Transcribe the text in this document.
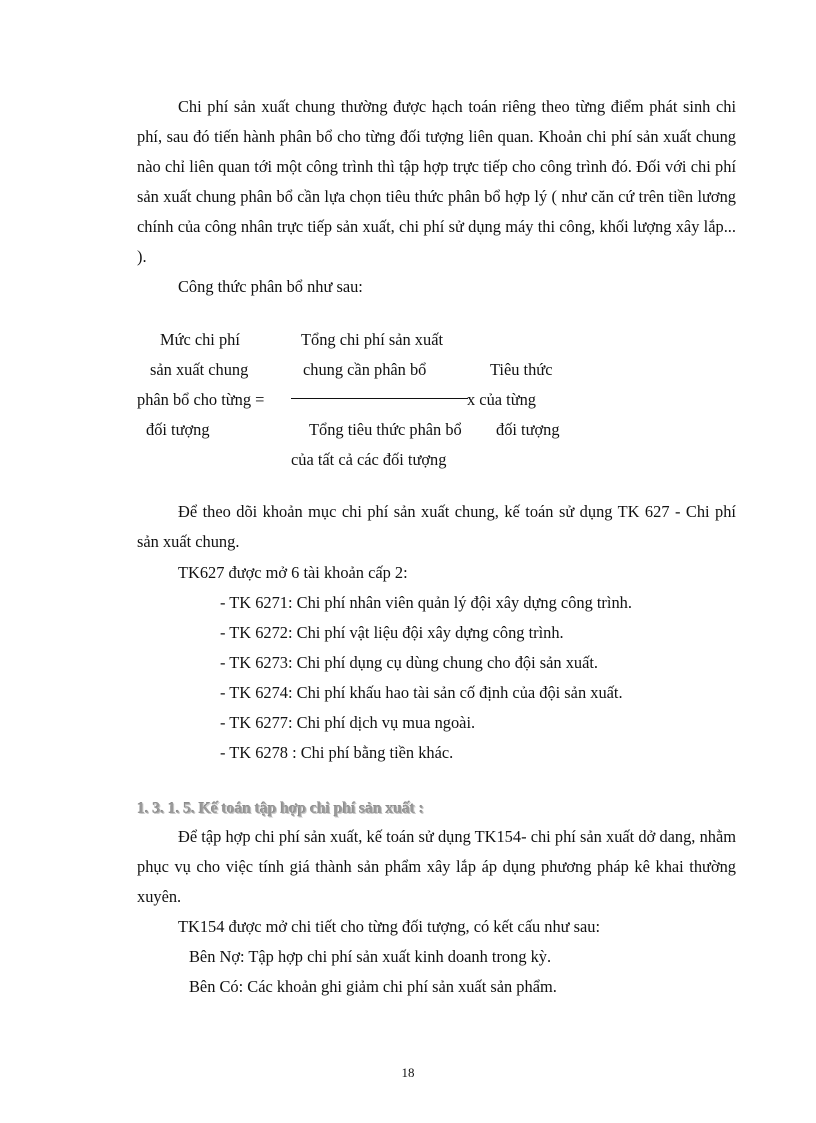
Chi phí sản xuất chung thường được hạch toán riêng theo từng điểm phát sinh chi phí, sau đó tiến hành phân bổ cho từng đối tượng liên quan. Khoản chi phí sản xuất chung nào chỉ liên quan tới một công trình thì tập hợp trực tiếp cho công trình đó. Đối với chi phí sản xuất chung phân bổ cần lựa chọn tiêu thức phân bổ hợp lý ( như căn cứ trên tiền lương chính của công nhân trực tiếp sản xuất, chi phí sử dụng máy thi công, khối lượng xây lắp... ).

Công thức phân bổ như sau:

Mức chi phí

sản xuất chung

phân bổ cho từng =

đối tượng

Tổng chi phí sản xuất

chung cần phân bổ

x của từng

Tổng tiêu thức phân bổ

của tất cả các đối tượng

Tiêu thức

đối tượng

Để theo dõi khoản mục chi phí sản xuất chung, kế toán sử dụng TK 627 - Chi phí sản xuất chung.

TK627 được mở 6 tài khoản cấp 2:

- TK 6271: Chi phí nhân viên quản lý đội xây dựng công trình.

- TK 6272: Chi phí vật liệu đội xây dựng công trình.

- TK 6273: Chi phí dụng cụ dùng chung cho đội sản xuất.

- TK 6274: Chi phí khấu hao tài sản cố định của đội sản xuất.

- TK 6277: Chi phí dịch vụ mua ngoài.

- TK 6278 : Chi phí bằng tiền khác.

1. 3. 1. 5. Kế toán tập hợp chi phí sản xuất :

Để tập hợp chi phí sản xuất, kế toán sử dụng TK154- chi phí sản xuất dở dang, nhằm phục vụ cho việc tính giá thành sản phẩm xây lắp áp dụng phương pháp kê khai thường xuyên.

TK154 được mở chi tiết cho từng đối tượng, có kết cấu như sau:

Bên Nợ: Tập hợp chi phí sản xuất kinh doanh trong kỳ.

Bên Có: Các khoản ghi giảm chi phí sản xuất sản phẩm.

18
